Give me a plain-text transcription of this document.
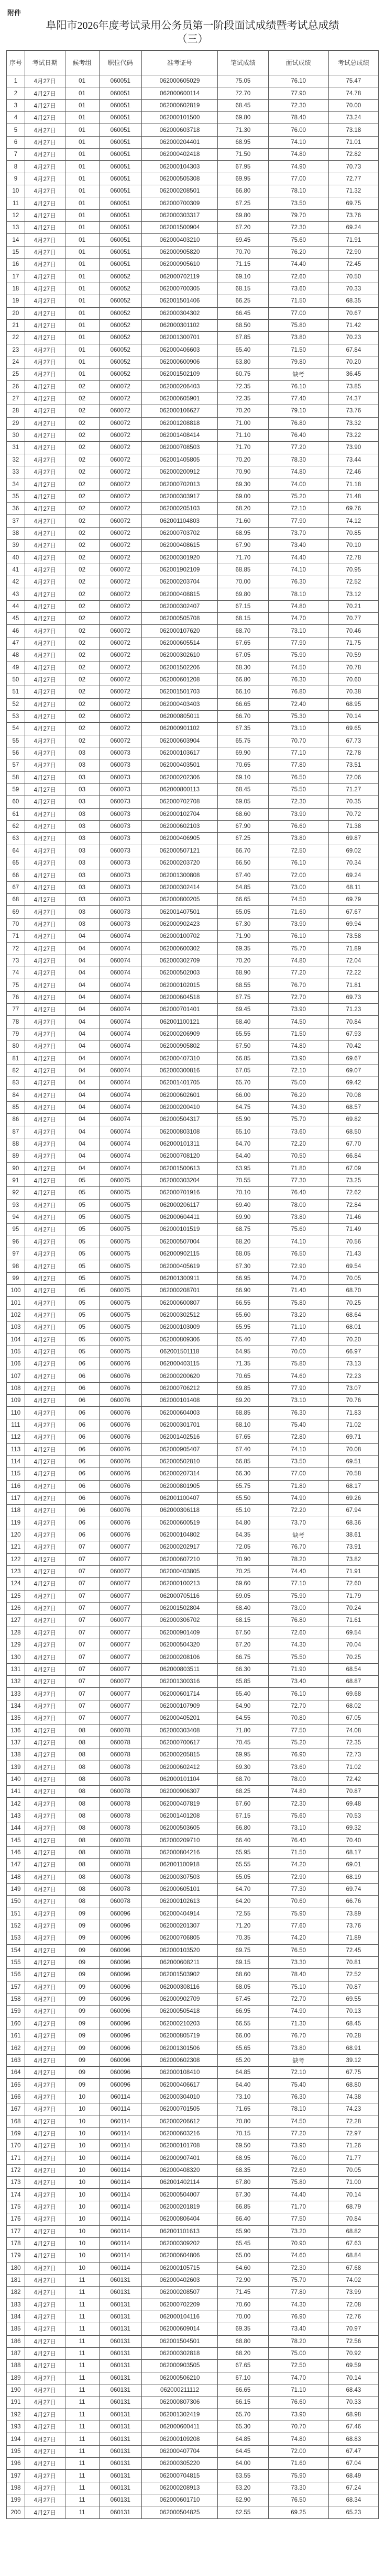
附件
阜阳市2026年度考试录用公务员第一阶段面试成绩暨考试总成绩
（三）
序号	考试日期	候考组	职位代码	准考证号	笔试成绩	面试成绩	考试总成绩
1	4月27日	01	060051	062000605029	75.05	76.10	75.47
2	4月27日	01	060051	062000600114	72.70	77.90	74.78
3	4月27日	01	060051	062000602819	68.45	72.30	70.00
4	4月27日	01	060051	062000101500	69.80	78.40	73.24
5	4月27日	01	060051	062000603718	71.30	76.00	73.18
6	4月27日	01	060051	062000204401	68.95	74.10	71.01
7	4月27日	01	060051	062000402418	71.50	74.80	72.82
8	4月27日	01	060051	062000104303	67.95	74.90	70.73
9	4月27日	01	060051	062000505308	69.95	77.00	72.77
10	4月27日	01	060051	062000208501	66.80	78.10	71.32
11	4月27日	01	060051	062000700309	67.25	73.50	69.75
12	4月27日	01	060051	062000303317	69.80	79.70	73.76
13	4月27日	01	060051	062001500904	67.20	72.30	69.24
14	4月27日	01	060051	062000403210	69.45	75.60	71.91
15	4月27日	01	060051	062000905820	70.70	76.20	72.90
16	4月27日	01	060051	062000905610	71.15	74.40	72.45
17	4月27日	01	060052	062000702119	69.10	72.60	70.50
18	4月27日	01	060052	062000700305	68.15	73.60	70.33
19	4月27日	01	060052	062001501406	66.25	71.50	68.35
20	4月27日	01	060052	062000304302	66.45	77.00	70.67
21	4月27日	01	060052	062000301102	68.50	75.80	71.42
22	4月27日	01	060052	062001300701	67.85	73.80	70.23
23	4月27日	01	060052	062000406603	65.40	71.50	67.84
24	4月27日	01	060052	062000600906	63.80	79.80	70.20
25	4月27日	01	060052	062001502109	60.75	缺考	36.45
26	4月27日	02	060072	062000206403	72.35	76.10	73.85
27	4月27日	02	060072	062000605901	72.35	77.40	74.37
28	4月27日	02	060072	062000106627	70.20	79.10	73.76
29	4月27日	02	060072	062001208818	71.00	76.80	73.32
30	4月27日	02	060072	062001408414	71.10	76.40	73.22
31	4月27日	02	060072	062000708503	71.70	77.20	73.90
32	4月27日	02	060072	062001405805	70.20	78.30	73.44
33	4月27日	02	060072	062000200912	70.90	74.80	72.46
34	4月27日	02	060072	062000702013	69.30	74.00	71.18
35	4月27日	02	060072	062000303917	69.00	75.20	71.48
36	4月27日	02	060072	062000205103	68.20	72.10	69.76
37	4月27日	02	060072	062001104803	71.60	77.90	74.12
38	4月27日	02	060072	062000703702	68.95	73.70	70.85
39	4月27日	02	060072	062000408615	67.90	73.40	70.10
40	4月27日	02	060072	062000301920	71.70	74.40	72.78
41	4月27日	02	060072	062001902109	68.85	74.10	70.95
42	4月27日	02	060072	062000203704	70.00	76.30	72.52
43	4月27日	02	060072	062000408815	69.80	78.10	73.12
44	4月27日	02	060072	062000302407	67.15	74.80	70.21
45	4月27日	02	060072	062000505708	68.15	74.70	70.77
46	4月27日	02	060072	062000107620	68.70	73.10	70.46
47	4月27日	02	060072	062000605514	67.65	77.90	71.75
48	4月27日	02	060072	062000302610	67.05	75.90	70.59
49	4月27日	02	060072	062001502206	68.30	74.50	70.78
50	4月27日	02	060072	062000601208	66.80	76.30	70.60
51	4月27日	02	060072	062001501703	66.10	76.80	70.38
52	4月27日	02	060072	062000403403	66.65	72.40	68.95
53	4月27日	02	060072	062000805011	66.70	75.30	70.14
54	4月27日	02	060072	062000901102	67.35	73.10	69.65
55	4月27日	02	060072	062000603904	65.75	70.70	67.73
56	4月27日	03	060073	062000103617	69.90	77.10	72.78
57	4月27日	03	060073	062000403501	70.65	77.80	73.51
58	4月27日	03	060073	062000202306	69.10	76.50	72.06
59	4月27日	03	060073	062000800113	68.45	75.50	71.27
60	4月27日	03	060073	062000702708	69.05	72.30	70.35
61	4月27日	03	060073	062000102704	68.60	73.90	70.72
62	4月27日	03	060073	062000602103	67.90	76.60	71.38
63	4月27日	03	060073	062000406905	67.25	73.80	69.87
64	4月27日	03	060073	062000507121	66.70	72.50	69.02
65	4月27日	03	060073	062000203720	66.50	76.10	70.34
66	4月27日	03	060073	062001300808	67.40	72.00	69.24
67	4月27日	03	060073	062000302414	64.85	73.00	68.11
68	4月27日	03	060073	062000800205	66.65	74.50	69.79
69	4月27日	03	060073	062001407501	65.05	71.60	67.67
70	4月27日	03	060073	062000902423	67.30	73.90	69.94
71	4月27日	04	060074	062000100702	71.90	76.10	73.58
72	4月27日	04	060074	062000600302	69.35	75.70	71.89
73	4月27日	04	060074	062000302709	70.20	74.80	72.04
74	4月27日	04	060074	062000502003	68.90	77.20	72.22
75	4月27日	04	060074	062000102015	68.55	76.70	71.81
76	4月27日	04	060074	062000604518	67.75	72.70	69.73
77	4月27日	04	060074	062000701401	69.45	73.90	71.23
78	4月27日	04	060074	062001100121	68.40	74.50	70.84
79	4月27日	04	060074	062000206909	65.55	71.50	67.93
80	4月27日	04	060074	062000905802	67.50	74.80	70.42
81	4月27日	04	060074	062000407310	66.85	73.90	69.67
82	4月27日	04	060074	062000300816	67.05	72.10	69.07
83	4月27日	04	060074	062001401705	65.70	75.00	69.42
84	4月27日	04	060074	062000602601	66.00	76.20	70.08
85	4月27日	04	060074	062000200410	64.75	74.30	68.57
86	4月27日	04	060074	062000504317	65.90	75.70	69.82
87	4月27日	04	060074	062000803108	65.10	73.60	68.50
88	4月27日	04	060074	062000101311	64.70	72.20	67.70
89	4月27日	04	060074	062000708120	64.40	70.50	66.84
90	4月27日	04	060074	062001500613	63.95	71.80	67.09
91	4月27日	05	060075	062000303204	70.55	77.30	73.25
92	4月27日	05	060075	062000701916	70.10	76.40	72.62
93	4月27日	05	060075	062000206117	69.40	78.00	72.84
94	4月27日	05	060075	062000604411	69.90	73.80	71.46
95	4月27日	05	060075	062000101519	68.75	75.60	71.49
96	4月27日	05	060075	062000507004	68.20	74.10	70.56
97	4月27日	05	060075	062000902115	68.05	76.50	71.43
98	4月27日	05	060075	062000405619	67.30	72.90	69.54
99	4月27日	05	060075	062001300911	66.95	74.70	70.05
100	4月27日	05	060075	062000208701	66.90	71.40	68.70
101	4月27日	05	060075	062000600807	66.55	75.80	70.25
102	4月27日	05	060075	062000302512	65.60	73.20	68.64
103	4月27日	05	060075	062000103009	65.95	71.10	68.01
104	4月27日	05	060075	062000809306	65.40	77.40	70.20
105	4月27日	05	060075	062001501118	64.95	70.00	66.97
106	4月27日	06	060076	062000403115	71.35	75.80	73.13
107	4月27日	06	060076	062000200620	70.65	74.60	72.23
108	4月27日	06	060076	062000706212	69.85	77.90	73.07
109	4月27日	06	060076	062000101408	69.20	73.10	70.76
110	4月27日	06	060076	062000604003	68.85	76.30	71.83
111	4月27日	06	060076	062000301701	68.10	75.40	71.02
112	4月27日	06	060076	062001402516	67.65	72.80	69.71
113	4月27日	06	060076	062000905407	67.40	74.10	70.08
114	4月27日	06	060076	062000502810	66.85	73.50	69.51
115	4月27日	06	060076	062000207314	66.30	77.00	70.58
116	4月27日	06	060076	062000801905	65.75	71.80	68.17
117	4月27日	06	060076	062001100407	65.50	74.90	69.26
118	4月27日	06	060076	062000306118	65.10	72.20	67.94
119	4月27日	06	060076	062000600519	64.80	73.70	68.36
120	4月27日	06	060076	062000104802	64.35	缺考	38.61
121	4月27日	07	060077	062000202917	72.05	76.70	73.91
122	4月27日	07	060077	062000607210	70.90	78.20	73.82
123	4月27日	07	060077	062000403805	70.25	74.40	71.91
124	4月27日	07	060077	062000100213	69.60	77.10	72.60
125	4月27日	07	060077	062000705116	69.05	75.90	71.79
126	4月27日	07	060077	062001502804	68.40	73.00	70.24
127	4月27日	07	060077	062000306702	68.15	76.80	71.61
128	4月27日	07	060077	062000901409	67.50	72.60	69.54
129	4月27日	07	060077	062000504320	67.20	74.30	70.04
130	4月27日	07	060077	062000208106	66.75	75.50	70.25
131	4月27日	07	060077	062000803511	66.30	71.90	68.54
132	4月27日	07	060077	062001300316	65.85	73.40	68.87
133	4月27日	07	060077	062000601714	65.40	76.10	69.68
134	4月27日	07	060077	062000107909	64.90	72.70	68.02
135	4月27日	07	060077	062000405201	64.55	70.80	67.05
136	4月27日	08	060078	062000303408	71.80	77.50	74.08
137	4月27日	08	060078	062000700617	70.45	75.20	72.35
138	4月27日	08	060078	062000205815	69.95	76.90	72.73
139	4月27日	08	060078	062000602412	69.30	73.60	71.02
140	4月27日	08	060078	062000101104	68.70	78.00	72.42
141	4月27日	08	060078	062000906307	68.25	74.80	70.87
142	4月27日	08	060078	062000407819	67.60	72.30	69.48
143	4月27日	08	060078	062001401208	67.15	75.60	70.53
144	4月27日	08	060078	062000503605	66.80	73.10	69.32
145	4月27日	08	060078	062000209710	66.40	76.40	70.40
146	4月27日	08	060078	062000804216	65.95	71.50	68.17
147	4月27日	08	060078	062001100918	65.55	74.20	69.01
148	4月27日	08	060078	062000307503	65.05	72.90	68.19
149	4月27日	08	060078	062000605101	64.70	77.30	69.74
150	4月27日	08	060078	062000102613	64.20	70.60	66.76
151	4月27日	09	060096	062000404914	72.55	75.90	73.89
152	4月27日	09	060096	062000201307	71.20	77.60	73.76
153	4月27日	09	060096	062000706805	70.35	74.20	71.89
154	4月27日	09	060096	062000103520	69.75	76.50	72.45
155	4月27日	09	060096	062000608211	69.15	73.30	70.81
156	4月27日	09	060096	062001503902	68.60	78.40	72.52
157	4月27日	09	060096	062000308116	68.05	75.10	70.87
158	4月27日	09	060096	062000902709	67.45	72.70	69.55
159	4月27日	09	060096	062000505418	66.95	74.90	70.13
160	4月27日	09	060096	062000210203	66.55	71.30	68.45
161	4月27日	09	060096	062000805719	66.00	76.70	70.28
162	4月27日	09	060096	062001301506	65.65	73.80	68.91
163	4月27日	09	060096	062000602308	65.20	缺考	39.12
164	4月27日	09	060096	062000108410	64.85	72.10	67.75
165	4月27日	09	060096	062000406617	64.40	75.40	68.80
166	4月27日	10	060114	062000304010	73.10	76.30	74.38
167	4月27日	10	060114	062000701505	71.65	78.10	74.23
168	4月27日	10	060114	062000206612	70.80	74.50	72.28
169	4月27日	10	060114	062000603216	70.15	77.20	72.97
170	4月27日	10	060114	062000101708	69.50	73.90	71.26
171	4月27日	10	060114	062000907401	68.95	76.00	71.77
172	4月27日	10	060114	062000408320	68.35	72.60	70.05
173	4月27日	10	060114	062001402114	67.80	75.80	71.00
174	4月27日	10	060114	062000504007	67.30	74.40	70.14
175	4月27日	10	060114	062000201819	66.85	71.70	68.79
176	4月27日	10	060114	062000806404	66.40	77.50	70.84
177	4月27日	10	060114	062001101613	65.90	73.20	68.82
178	4月27日	10	060114	062000309202	65.45	70.90	67.63
179	4月27日	10	060114	062000604806	65.00	74.60	68.84
180	4月27日	10	060114	062000105715	64.60	72.30	67.68
181	4月27日	11	060131	062000402603	72.90	75.70	74.02
182	4月27日	11	060131	062000208507	71.45	77.80	73.99
183	4月27日	11	060131	062000702209	70.60	74.30	72.08
184	4月27日	11	060131	062000104116	70.00	76.90	72.76
185	4月27日	11	060131	062000609014	69.35	73.40	70.97
186	4月27日	11	060131	062001504501	68.80	78.20	72.56
187	4月27日	11	060131	062000302818	68.20	75.00	70.92
188	4月27日	11	060131	062000903505	67.65	72.50	69.59
189	4月27日	11	060131	062000506210	67.10	74.70	70.14
190	4月27日	11	060131	062000211112	66.65	71.10	68.43
191	4月27日	11	060131	062000807306	66.15	76.60	70.33
192	4月27日	11	060131	062001302419	65.70	73.90	68.98
193	4月27日	11	060131	062000600411	65.30	70.70	67.46
194	4月27日	11	060131	062000109208	64.85	74.80	68.83
195	4月27日	11	060131	062000407704	64.45	72.00	67.47
196	4月27日	11	060131	062000305220	64.00	71.60	67.04
197	4月27日	11	060131	062000704815	63.55	75.90	68.49
198	4月27日	11	060131	062000208913	63.20	73.30	67.24
199	4月27日	11	060131	062000601710	62.90	76.50	68.34
200	4月27日	11	060131	062000504825	62.55	69.25	65.23
